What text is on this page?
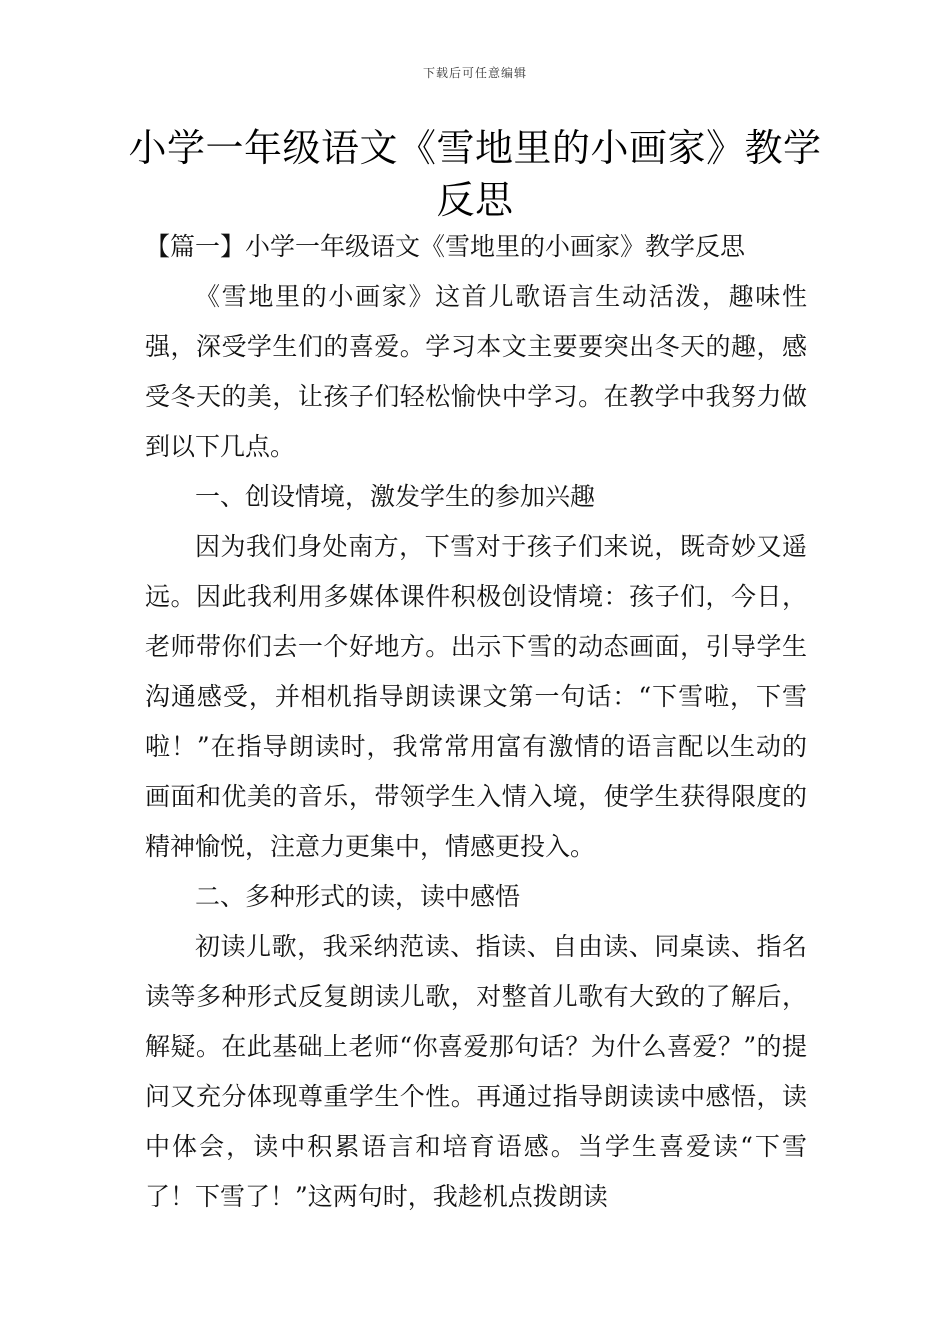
下载后可任意编辑
小学一年级语文《雪地里的小画家》教学反思

【篇一】小学一年级语文《雪地里的小画家》教学反思

《雪地里的小画家》这首儿歌语言生动活泼，趣味性强，深受学生们的喜爱。学习本文主要要突出冬天的趣，感受冬天的美，让孩子们轻松愉快中学习。在教学中我努力做到以下几点。

一、创设情境，激发学生的参加兴趣

因为我们身处南方，下雪对于孩子们来说，既奇妙又遥远。因此我利用多媒体课件积极创设情境：孩子们，今日，老师带你们去一个好地方。出示下雪的动态画面，引导学生沟通感受，并相机指导朗读课文第一句话：“下雪啦，下雪啦！”在指导朗读时，我常常用富有激情的语言配以生动的画面和优美的音乐，带领学生入情入境，使学生获得限度的精神愉悦，注意力更集中，情感更投入。

二、多种形式的读，读中感悟

初读儿歌，我采纳范读、指读、自由读、同桌读、指名读等多种形式反复朗读儿歌，对整首儿歌有大致的了解后，解疑。在此基础上老师“你喜爱那句话？为什么喜爱？”的提问又充分体现尊重学生个性。再通过指导朗读读中感悟，读中体会，读中积累语言和培育语感。当学生喜爱读“下雪了！下雪了！”这两句时，我趁机点拨朗读
